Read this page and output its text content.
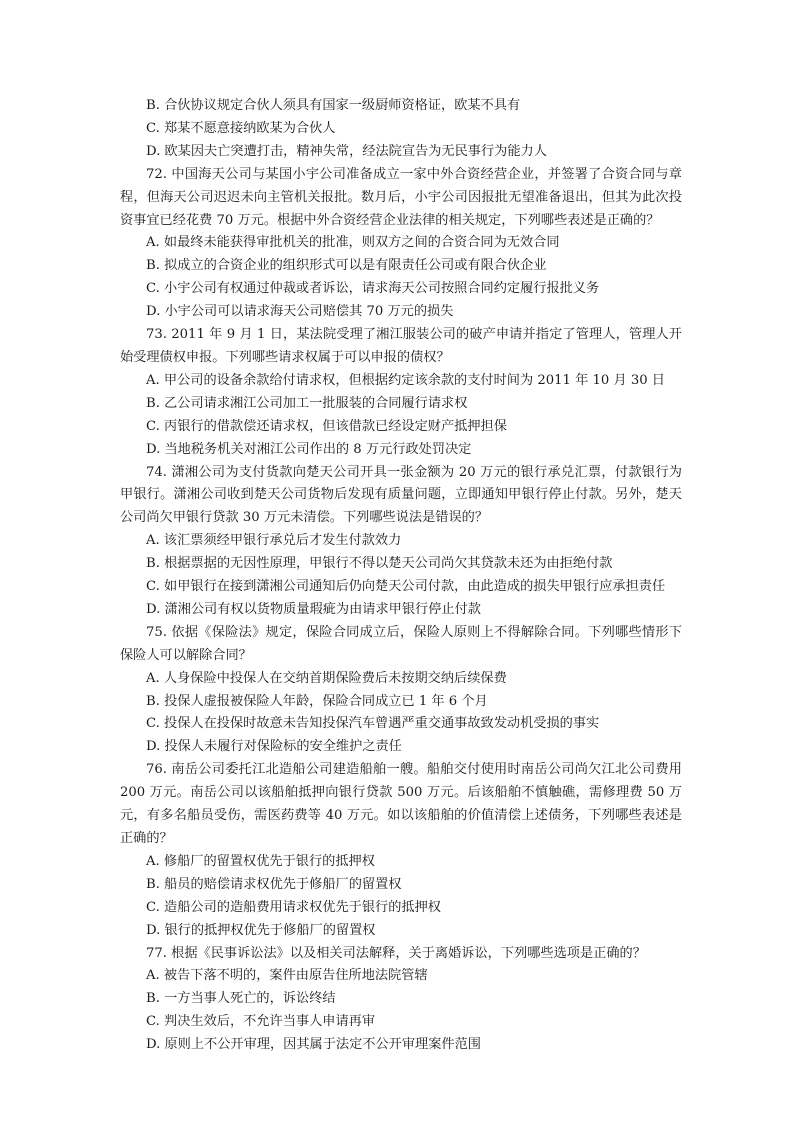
B. 合伙协议规定合伙人须具有国家一级厨师资格证，欧某不具有

C. 郑某不愿意接纳欧某为合伙人

D. 欧某因夫亡突遭打击，精神失常，经法院宣告为无民事行为能力人

72. 中国海天公司与某国小宇公司准备成立一家中外合资经营企业，并签署了合资合同与章程，但海天公司迟迟未向主管机关报批。数月后，小宇公司因报批无望准备退出，但其为此次投资事宜已经花费 70 万元。根据中外合资经营企业法律的相关规定，下列哪些表述是正确的？

A. 如最终未能获得审批机关的批准，则双方之间的合资合同为无效合同

B. 拟成立的合资企业的组织形式可以是有限责任公司或有限合伙企业

C. 小宇公司有权通过仲裁或者诉讼，请求海天公司按照合同约定履行报批义务

D. 小宇公司可以请求海天公司赔偿其 70 万元的损失

73. 2011 年 9 月 1 日，某法院受理了湘江服装公司的破产申请并指定了管理人，管理人开始受理债权申报。下列哪些请求权属于可以申报的债权？

A. 甲公司的设备余款给付请求权，但根据约定该余款的支付时间为 2011 年 10 月 30 日

B. 乙公司请求湘江公司加工一批服装的合同履行请求权

C. 丙银行的借款偿还请求权，但该借款已经设定财产抵押担保

D. 当地税务机关对湘江公司作出的 8 万元行政处罚决定

74. 潇湘公司为支付货款向楚天公司开具一张金额为 20 万元的银行承兑汇票，付款银行为甲银行。潇湘公司收到楚天公司货物后发现有质量问题，立即通知甲银行停止付款。另外，楚天公司尚欠甲银行贷款 30 万元未清偿。下列哪些说法是错误的？

A. 该汇票须经甲银行承兑后才发生付款效力

B. 根据票据的无因性原理，甲银行不得以楚天公司尚欠其贷款未还为由拒绝付款

C. 如甲银行在接到潇湘公司通知后仍向楚天公司付款，由此造成的损失甲银行应承担责任

D. 潇湘公司有权以货物质量瑕疵为由请求甲银行停止付款

75. 依据《保险法》规定，保险合同成立后，保险人原则上不得解除合同。下列哪些情形下保险人可以解除合同？

A. 人身保险中投保人在交纳首期保险费后未按期交纳后续保费

B. 投保人虚报被保险人年龄，保险合同成立已 1 年 6 个月

C. 投保人在投保时故意未告知投保汽车曾遇严重交通事故致发动机受损的事实

D. 投保人未履行对保险标的安全维护之责任

76. 南岳公司委托江北造船公司建造船舶一艘。船舶交付使用时南岳公司尚欠江北公司费用 200 万元。南岳公司以该船舶抵押向银行贷款 500 万元。后该船舶不慎触礁，需修理费 50 万元，有多名船员受伤，需医药费等 40 万元。如以该船舶的价值清偿上述债务，下列哪些表述是正确的？

A. 修船厂的留置权优先于银行的抵押权

B. 船员的赔偿请求权优先于修船厂的留置权

C. 造船公司的造船费用请求权优先于银行的抵押权

D. 银行的抵押权优先于修船厂的留置权

77. 根据《民事诉讼法》以及相关司法解释，关于离婚诉讼，下列哪些选项是正确的？

A. 被告下落不明的，案件由原告住所地法院管辖

B. 一方当事人死亡的，诉讼终结

C. 判决生效后，不允许当事人申请再审

D. 原则上不公开审理，因其属于法定不公开审理案件范围
